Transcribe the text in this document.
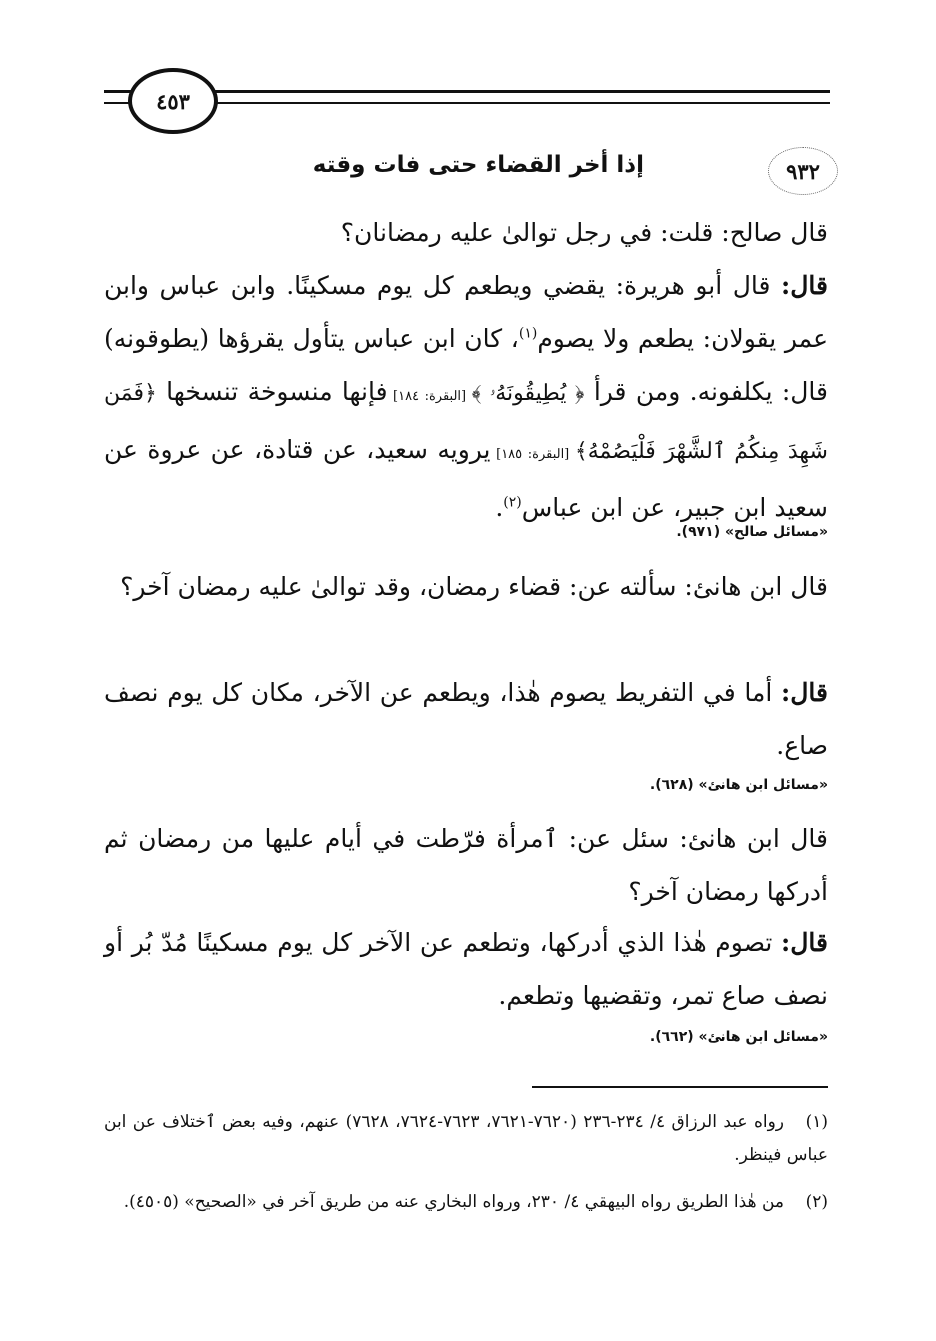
٤٥٣
٩٣٢
إذا أخر القضاء حتى فات وقته
قال صالح: قلت: في رجل توالىٰ عليه رمضانان؟
قال: قال أبو هريرة: يقضي ويطعم كل يوم مسكينًا. وابن عباس وابن عمر يقولان: يطعم ولا يصوم$^{(١)}$، كان ابن عباس يتأول يقرؤها (يطوقونه) قال: يكلفونه. ومن قرأ ﴿ يُطِيقُونَهُۥ ﴾ [البقرة: ١٨٤] فإنها منسوخة تنسخها ﴿فَمَن شَهِدَ مِنكُمُ ٱلشَّهْرَ فَلْيَصُمْهُ﴾ [البقرة: ١٨٥] يرويه سعيد، عن قتادة، عن عروة عن سعيد ابن جبير، عن ابن عباس$^{(٢)}$.
«مسائل صالح» (٩٧١).
قال ابن هانئ: سألته عن: قضاء رمضان، وقد توالىٰ عليه رمضان آخر؟
قال: أما في التفريط يصوم هٰذا، ويطعم عن الآخر، مكان كل يوم نصف صاع.
«مسائل ابن هانئ» (٦٢٨).
قال ابن هانئ: سئل عن: ٱمرأة فرّطت في أيام عليها من رمضان ثم أدركها رمضان آخر؟
قال: تصوم هٰذا الذي أدركها، وتطعم عن الآخر كل يوم مسكينًا مُدّ بُر أو نصف صاع تمر، وتقضيها وتطعم.
«مسائل ابن هانئ» (٦٦٢).
(١)رواه عبد الرزاق ٤/ ٢٣٤-٢٣٦ (٧٦٢٠-٧٦٢١، ٧٦٢٣-٧٦٢٤، ٧٦٢٨) عنهم، وفيه بعض ٱختلاف عن ابن عباس فينظر.
(٢)من هٰذا الطريق رواه البيهقي ٤/ ٢٣٠، ورواه البخاري عنه من طريق آخر في «الصحيح» (٤٥٠٥).
